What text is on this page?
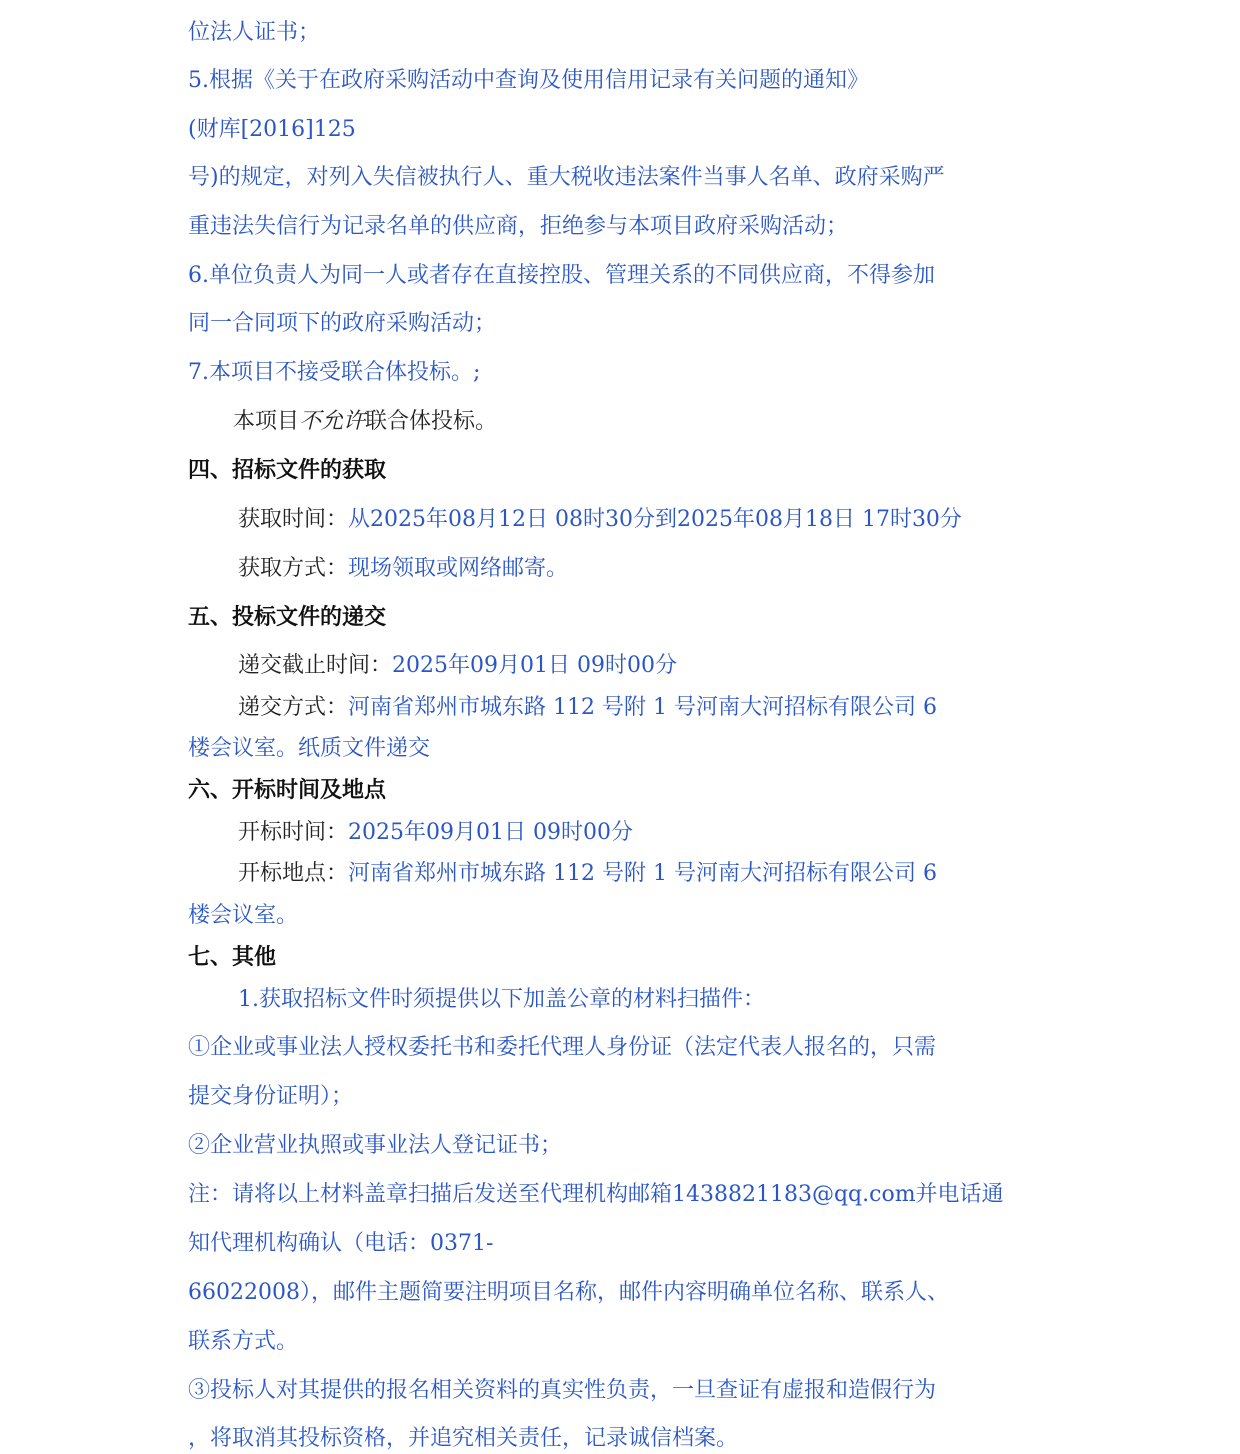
位法人证书；
5.根据《关于在政府采购活动中查询及使用信用记录有关问题的通知》
(财库[2016]125
号)的规定，对列入失信被执行人、重大税收违法案件当事人名单、政府采购严
重违法失信行为记录名单的供应商，拒绝参与本项目政府采购活动；
6.单位负责人为同一人或者存在直接控股、管理关系的不同供应商，不得参加
同一合同项下的政府采购活动；
7.本项目不接受联合体投标。;
本项目不允许联合体投标。
四、招标文件的获取
获取时间：从2025年08月12日 08时30分到2025年08月18日 17时30分
获取方式：现场领取或网络邮寄。
五、投标文件的递交
递交截止时间：2025年09月01日 09时00分
递交方式：河南省郑州市城东路 112 号附 1 号河南大河招标有限公司 6
楼会议室。纸质文件递交
六、开标时间及地点
开标时间：2025年09月01日 09时00分
开标地点：河南省郑州市城东路 112 号附 1 号河南大河招标有限公司 6
楼会议室。
七、其他
1.获取招标文件时须提供以下加盖公章的材料扫描件：
①企业或事业法人授权委托书和委托代理人身份证（法定代表人报名的，只需
提交身份证明）；
②企业营业执照或事业法人登记证书；
注：请将以上材料盖章扫描后发送至代理机构邮箱1438821183@qq.com并电话通
知代理机构确认（电话：0371-
66022008），邮件主题简要注明项目名称，邮件内容明确单位名称、联系人、
联系方式。
③投标人对其提供的报名相关资料的真实性负责，一旦查证有虚报和造假行为
，将取消其投标资格，并追究相关责任，记录诚信档案。
